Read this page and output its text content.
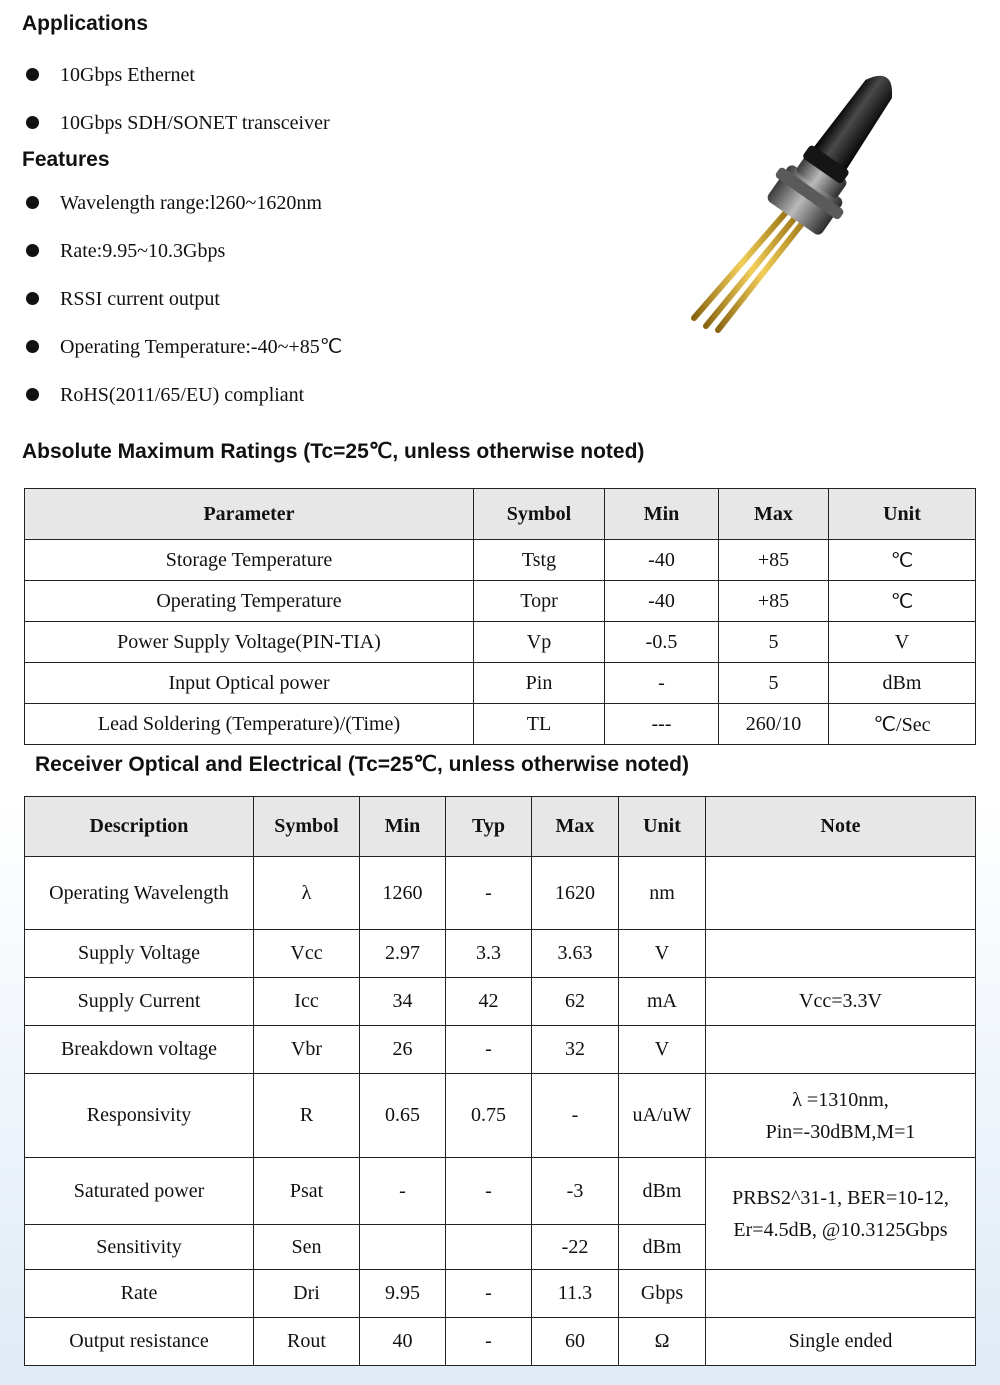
Applications
10Gbps Ethernet
10Gbps SDH/SONET transceiver
Features
Wavelength range:l260~1620nm
Rate:9.95~10.3Gbps
RSSI current output
Operating Temperature:-40~+85℃
RoHS(2011/65/EU) compliant
Absolute Maximum Ratings (Tc=25℃, unless otherwise noted)
Parameter	Symbol	Min	Max	Unit
Storage Temperature	Tstg	-40	+85	℃
Operating Temperature	Topr	-40	+85	℃
Power Supply Voltage(PIN-TIA)	Vp	-0.5	5	V
Input Optical power	Pin	-	5	dBm
Lead Soldering (Temperature)/(Time)	TL	---	260/10	℃/Sec
Receiver Optical and Electrical (Tc=25℃, unless otherwise noted)
Description	Symbol	Min	Typ	Max	Unit	Note
Operating Wavelength	λ	1260	-	1620	nm	
Supply Voltage	Vcc	2.97	3.3	3.63	V	
Supply Current	Icc	34	42	62	mA	Vcc=3.3V
Breakdown voltage	Vbr	26	-	32	V	
Responsivity	R	0.65	0.75	-	uA/uW	λ =1310nm,
Pin=-30dBM,M=1

Saturated power	Psat	-	-	-3	dBm	PRBS2^31-1, BER=10-12,
Er=4.5dB, @10.3125Gbps

Sensitivity	Sen			-22	dBm	
Rate	Dri	9.95	-	11.3	Gbps	
Output resistance	Rout	40	-	60	Ω	Single ended
